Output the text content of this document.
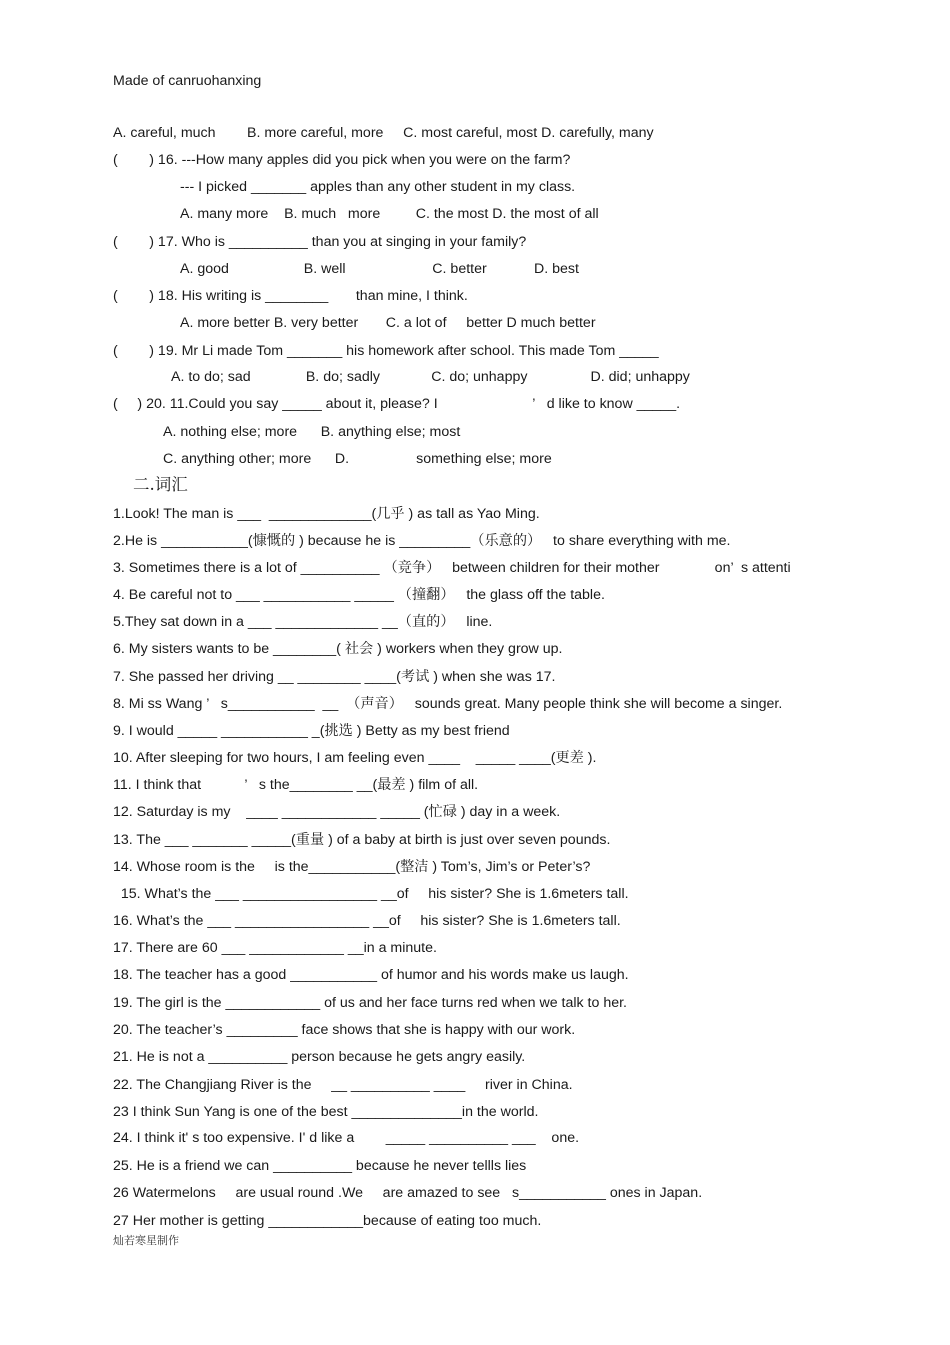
Made of canruohanxing
A. careful, much        B. more careful, more     C. most careful, most D. carefully, many
(        ) 16. ---How many apples did you pick when you were on the farm?
--- I picked _______ apples than any other student in my class.
A. many more    B. much   more         C. the most D. the most of all
(        ) 17. Who is __________ than you at singing in your family?
A. good                   B. well                      C. better            D. best
(        ) 18. His writing is ________       than mine, I think.
A. more better B. very better       C. a lot of     better D much better
(        ) 19. Mr Li made Tom _______ his homework after school. This made Tom _____
A. to do; sad              B. do; sadly             C. do; unhappy                D. did; unhappy
(     ) 20. 11.Could you say _____ about it, please? I                        ’   d like to know _____.
A. nothing else; more      B. anything else; most
C. anything other; more      D.                 something else; more
二.词汇
1.Look! The man is ___  _____________(几乎 ) as tall as Yao Ming.
2.He is ___________(慷慨的 ) because he is _________（乐意的）   to share everything with me.
3. Sometimes there is a lot of __________ （竞争）   between children for their mother              on’  s attenti
4. Be careful not to ___ ___________ _____ （撞翻）   the glass off the table.
5.They sat down in a ___ _____________ __（直的）   line.
6. My sisters wants to be ________( 社会 ) workers when they grow up.
7. She passed her driving __ ________ ____(考试 ) when she was 17.
8. Mi ss Wang ’   s___________  __  （声音）   sounds great. Many people think she will become a singer.
9. I would _____ ___________ _(挑选 ) Betty as my best friend
10. After sleeping for two hours, I am feeling even ____    _____ ____(更差 ).
11. I think that           ’   s the________ __(最差 ) film of all.
12. Saturday is my    ____ ____________ _____ (忙碌 ) day in a week.
13. The ___ _______ _____(重量 ) of a baby at birth is just over seven pounds.
14. Whose room is the     is the___________(整洁 ) Tom’s, Jim’s or Peter’s?
15. What’s the ___ _________________ __of     his sister? She is 1.6meters tall.
16. What’s the ___ _________________ __of     his sister? She is 1.6meters tall.
17. There are 60 ___ ____________ __in a minute.
18. The teacher has a good ___________ of humor and his words make us laugh.
19. The girl is the ____________ of us and her face turns red when we talk to her.
20. The teacher’s _________ face shows that she is happy with our work.
21. He is not a __________ person because he gets angry easily.
22. The Changjiang River is the     __ __________ ____     river in China.
23 I think Sun Yang is one of the best ______________in the world.
24. I think it' s too expensive. I' d like a        _____ __________ ___    one.
25. He is a friend we can __________ because he never tellls lies
26 Watermelons     are usual round .We     are amazed to see   s___________ ones in Japan.
27 Her mother is getting ____________because of eating too much.
灿若寒星制作
